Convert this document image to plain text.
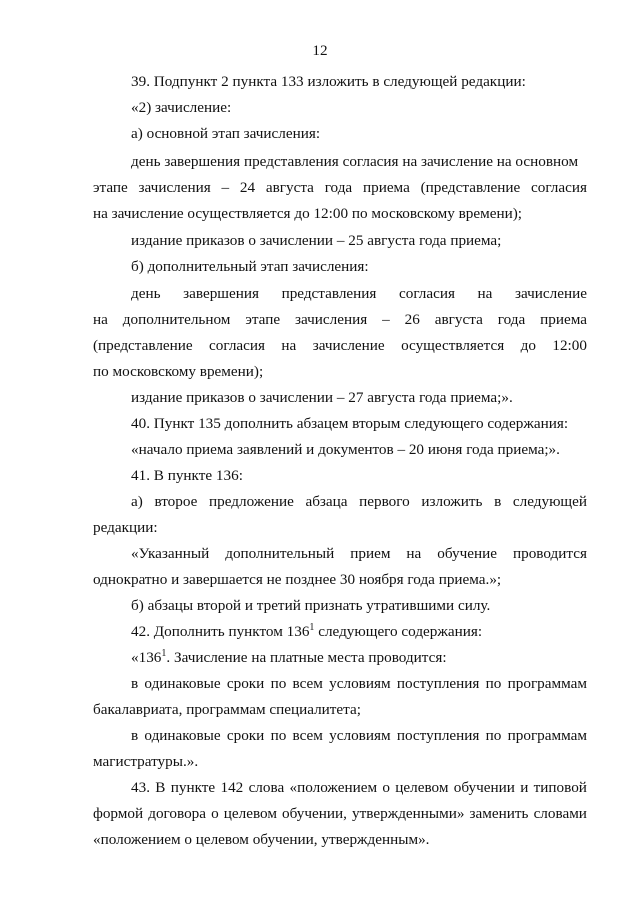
12
39. Подпункт 2 пункта 133 изложить в следующей редакции:
«2) зачисление:
а) основной этап зачисления:
день завершения представления согласия на зачисление на основном
этапе зачисления – 24 августа года приема (представление согласия
на зачисление осуществляется до 12:00 по московскому времени);
издание приказов о зачислении – 25 августа года приема;
б) дополнительный этап зачисления:
день завершения представления согласия на зачисление
на дополнительном этапе зачисления – 26 августа года приема
(представление согласия на зачисление осуществляется до 12:00
по московскому времени);
издание приказов о зачислении – 27 августа года приема;».
40. Пункт 135 дополнить абзацем вторым следующего содержания:
«начало приема заявлений и документов – 20 июня года приема;».
41. В пункте 136:
а) второе предложение абзаца первого изложить в следующей
редакции:
«Указанный дополнительный прием на обучение проводится
однократно и завершается не позднее 30 ноября года приема.»;
б) абзацы второй и третий признать утратившими силу.
42. Дополнить пунктом $136^1$ следующего содержания:
«$136^1$. Зачисление на платные места проводится:
в одинаковые сроки по всем условиям поступления по программам
бакалавриата, программам специалитета;
в одинаковые сроки по всем условиям поступления по программам
магистратуры.».
43. В пункте 142 слова «положением о целевом обучении и типовой
формой договора о целевом обучении, утвержденными» заменить словами
«положением о целевом обучении, утвержденным».
